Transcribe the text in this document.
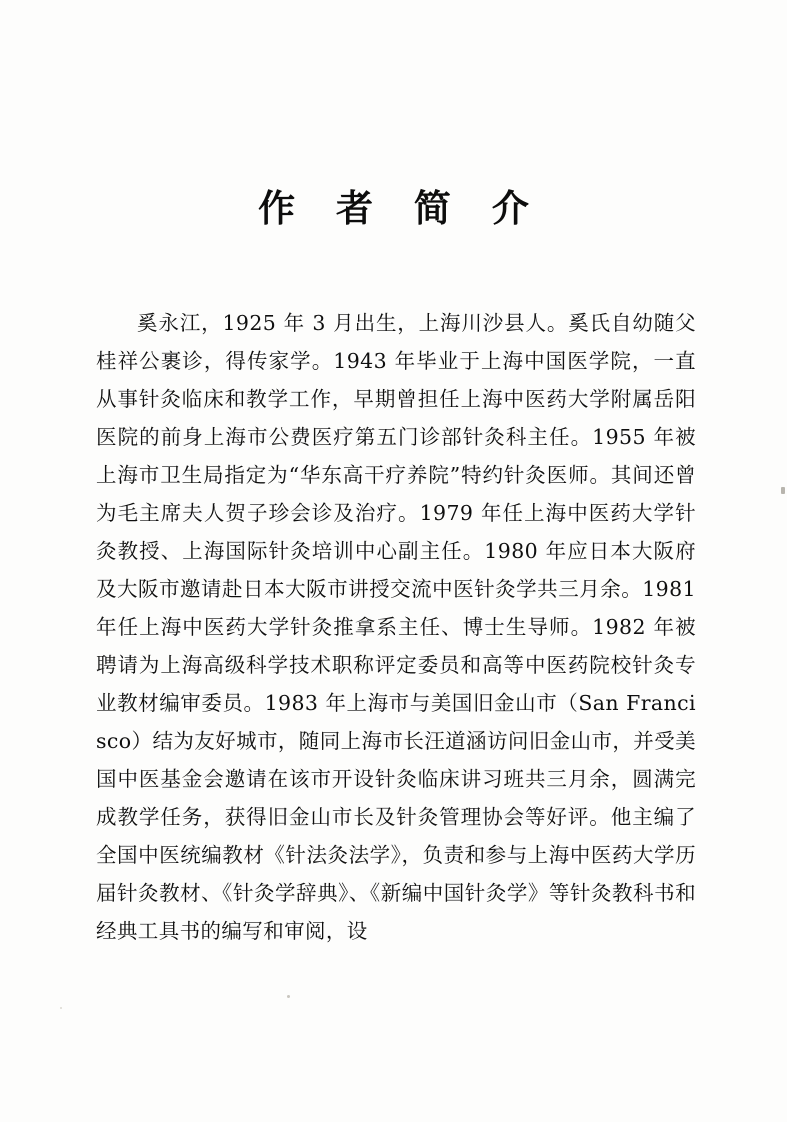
作 者 简 介

奚永江，1925 年 3 月出生，上海川沙县人。奚氏自幼随父桂祥公裹诊，得传家学。1943 年毕业于上海中国医学院，一直从事针灸临床和教学工作，早期曾担任上海中医药大学附属岳阳医院的前身上海市公费医疗第五门诊部针灸科主任。1955 年被上海市卫生局指定为“华东高干疗养院”特约针灸医师。其间还曾为毛主席夫人贺子珍会诊及治疗。1979 年任上海中医药大学针灸教授、上海国际针灸培训中心副主任。1980 年应日本大阪府及大阪市邀请赴日本大阪市讲授交流中医针灸学共三月余。1981 年任上海中医药大学针灸推拿系主任、博士生导师。1982 年被聘请为上海高级科学技术职称评定委员和高等中医药院校针灸专业教材编审委员。1983 年上海市与美国旧金山市（San Francisco）结为友好城市，随同上海市长汪道涵访问旧金山市，并受美国中医基金会邀请在该市开设针灸临床讲习班共三月余，圆满完成教学任务，获得旧金山市长及针灸管理协会等好评。他主编了全国中医统编教材《针法灸法学》，负责和参与上海中医药大学历届针灸教材、《针灸学辞典》、《新编中国针灸学》等针灸教科书和经典工具书的编写和审阅，设
